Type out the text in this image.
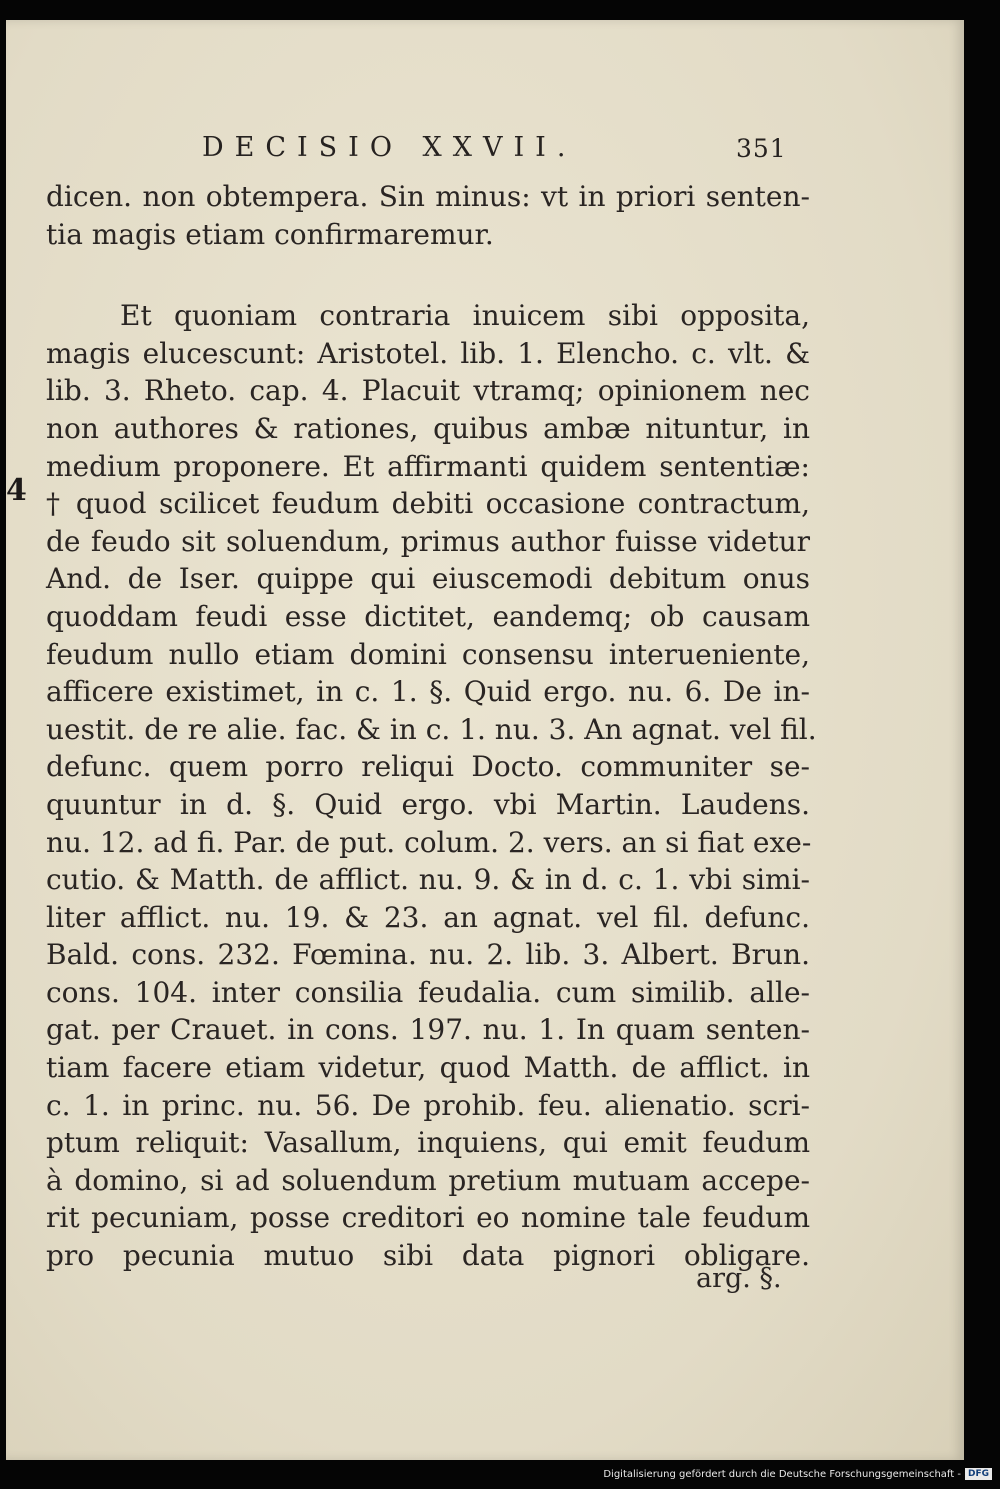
DECISIO XXVII.	351
4
dicen. non obtempera. Sin minus: vt in priori senten-
tia magis etiam confirmaremur.
Et quoniam contraria inuicem sibi opposita,
magis elucescunt: Aristotel. lib. 1. Elencho. c. vlt. &
lib. 3. Rheto. cap. 4. Placuit vtramq; opinionem nec
non authores & rationes, quibus ambæ nituntur, in
medium proponere. Et affirmanti quidem sententiæ:
† quod scilicet feudum debiti occasione contractum,
de feudo sit soluendum, primus author fuisse videtur
And. de Iser. quippe qui eiuscemodi debitum onus
quoddam feudi esse dictitet, eandemq; ob causam
feudum nullo etiam domini consensu interueniente,
afficere existimet, in c. 1. §. Quid ergo. nu. 6. De in-
uestit. de re alie. fac. & in c. 1. nu. 3. An agnat. vel fil.
defunc. quem porro reliqui Docto. communiter se-
quuntur in d. §. Quid ergo. vbi Martin. Laudens.
nu. 12. ad fi. Par. de put. colum. 2. vers. an si fiat exe-
cutio. & Matth. de afflict. nu. 9. & in d. c. 1. vbi simi-
liter afflict. nu. 19. & 23. an agnat. vel fil. defunc.
Bald. cons. 232. Fœmina. nu. 2. lib. 3. Albert. Brun.
cons. 104. inter consilia feudalia. cum similib. alle-
gat. per Crauet. in cons. 197. nu. 1. In quam senten-
tiam facere etiam videtur, quod Matth. de afflict. in
c. 1. in princ. nu. 56. De prohib. feu. alienatio. scri-
ptum reliquit: Vasallum, inquiens, qui emit feudum
à domino, si ad soluendum pretium mutuam accepe-
rit pecuniam, posse creditori eo nomine tale feudum
pro pecunia mutuo sibi data pignori obligare.
arg. §.
Digitalisierung gefördert durch die Deutsche Forschungsgemeinschaft - DFG
